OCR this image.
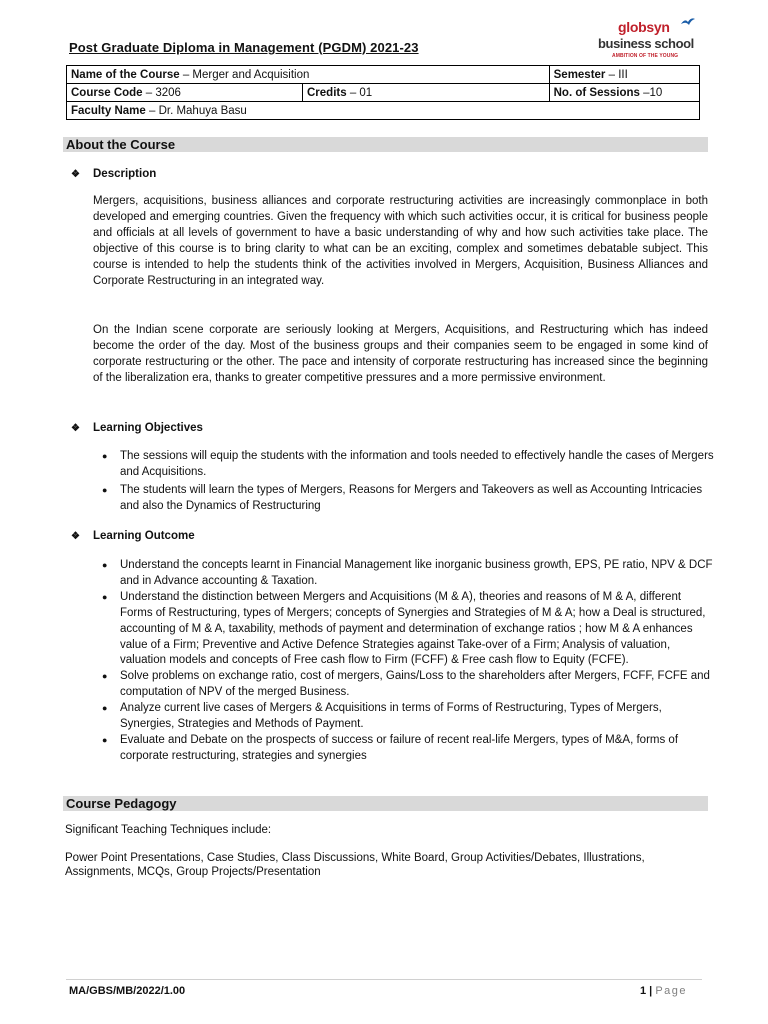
Post Graduate Diploma in Management (PGDM) 2021-23
globsyn
business school
AMBITION OF THE YOUNG
Name of the Course – Merger and Acquisition		Semester – III
Course Code – 3206	Credits – 01	No. of Sessions –10
Faculty Name – Dr. Mahuya Basu		
About the Course
❖ Description

Mergers, acquisitions, business alliances and corporate restructuring activities are increasingly commonplace in both developed and emerging countries. Given the frequency with which such activities occur, it is critical for business people and officials at all levels of government to have a basic understanding of why and how such activities take place. The objective of this course is to bring clarity to what can be an exciting, complex and sometimes debatable subject. This course is intended to help the students think of the activities involved in Mergers, Acquisition, Business Alliances and Corporate Restructuring in an integrated way.

On the Indian scene corporate are seriously looking at Mergers, Acquisitions, and Restructuring which has indeed become the order of the day. Most of the business groups and their companies seem to be engaged in some kind of corporate restructuring or the other. The pace and intensity of corporate restructuring has increased since the beginning of the liberalization era, thanks to greater competitive pressures and a more permissive environment.

❖ Learning Objectives
● The sessions will equip the students with the information and tools needed to effectively handle the cases of Mergers and Acquisitions.
● The students will learn the types of Mergers, Reasons for Mergers and Takeovers as well as Accounting Intricacies and also the Dynamics of Restructuring
❖ Learning Outcome
● Understand the concepts learnt in Financial Management like inorganic business growth, EPS, PE ratio, NPV & DCF and in Advance accounting & Taxation.
● Understand the distinction between Mergers and Acquisitions (M & A), theories and reasons of M & A, different Forms of Restructuring, types of Mergers; concepts of Synergies and Strategies of M & A; how a Deal is structured, accounting of M & A, taxability, methods of payment and determination of exchange ratios ; how M & A enhances value of a Firm; Preventive and Active Defence Strategies against Take-over of a Firm; Analysis of valuation, valuation models and concepts of Free cash flow to Firm (FCFF) & Free cash flow to Equity (FCFE).
● Solve problems on exchange ratio, cost of mergers, Gains/Loss to the shareholders after Mergers, FCFF, FCFE and computation of NPV of the merged Business.
● Analyze current live cases of Mergers & Acquisitions in terms of Forms of Restructuring, Types of Mergers, Synergies, Strategies and Methods of Payment.
● Evaluate and Debate on the prospects of success or failure of recent real-life Mergers, types of M&A, forms of corporate restructuring, strategies and synergies
Course Pedagogy
Significant Teaching Techniques include:
Power Point Presentations, Case Studies, Class Discussions, White Board, Group Activities/Debates, Illustrations, Assignments, MCQs, Group Projects/Presentation
MA/GBS/MB/2022/1.00	1 | Page
